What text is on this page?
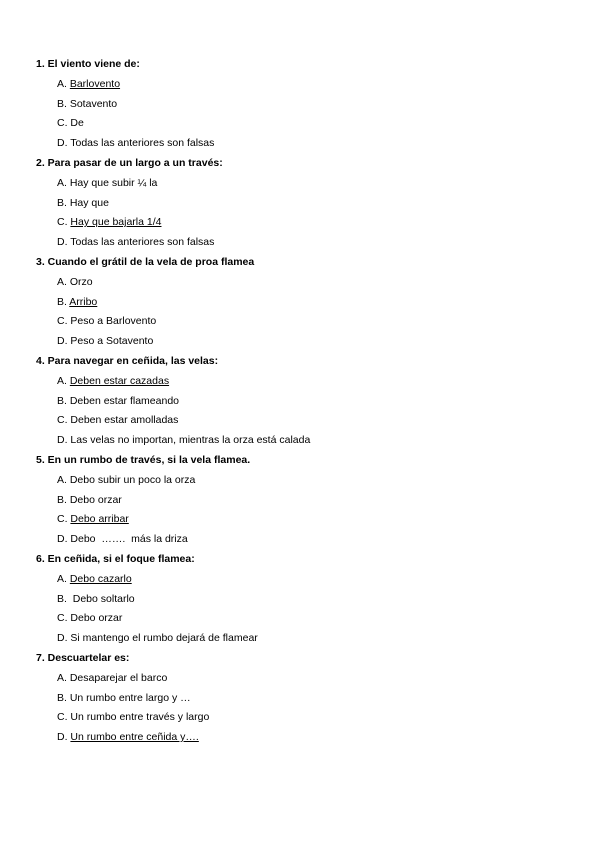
1. El viento viene de:
A. Barlovento
B. Sotavento
C. De
D. Todas las anteriores son falsas
2. Para pasar de un largo a un través:
A. Hay que subir ¼ la
B. Hay que
C. Hay que bajarla 1/4
D. Todas las anteriores son falsas
3. Cuando el grátil de la vela de proa flamea
A. Orzo
B. Arribo
C. Peso a Barlovento
D. Peso a Sotavento
4. Para navegar en ceñida, las velas:
A. Deben estar cazadas
B. Deben estar flameando
C. Deben estar amolladas
D. Las velas no importan, mientras la orza está calada
5. En un rumbo de través, si la vela flamea.
A. Debo subir un poco la orza
B. Debo orzar
C. Debo arribar
D. Debo  …….  más la driza
6. En ceñida, si el foque flamea:
A. Debo cazarlo
B.  Debo soltarlo
C. Debo orzar
D. Si mantengo el rumbo dejará de flamear
7. Descuartelar es:
A. Desaparejar el barco
B. Un rumbo entre largo y …
C. Un rumbo entre través y largo
D. Un rumbo entre ceñida y….
